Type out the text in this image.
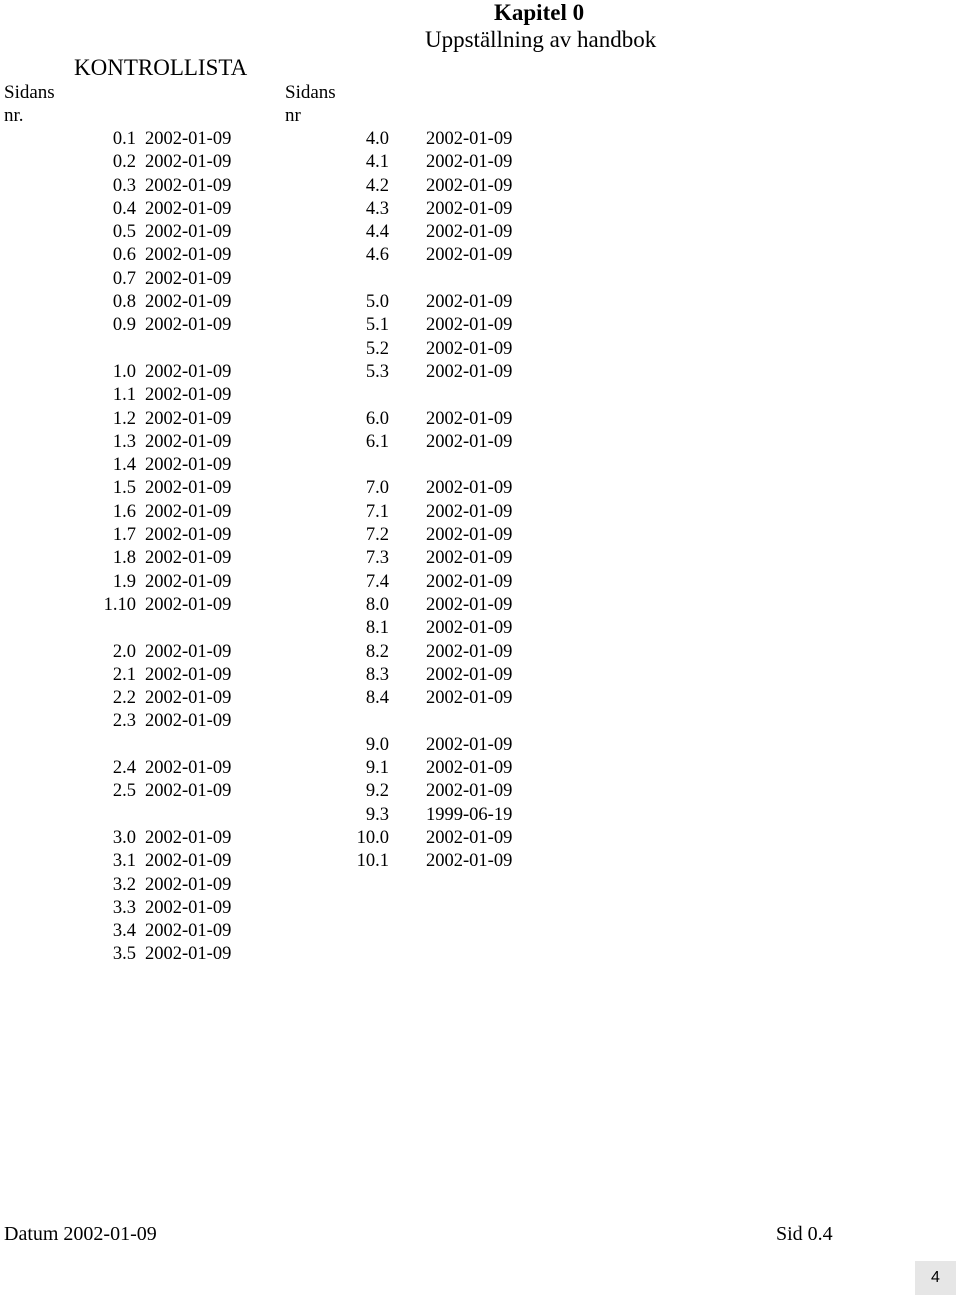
Kapitel 0
Uppställning av handbok
KONTROLLISTA
Sidans
nr.
Sidans
nr
0.1 2002-01-09
0.2 2002-01-09
0.3 2002-01-09
0.4 2002-01-09
0.5 2002-01-09
0.6 2002-01-09
0.7 2002-01-09
0.8 2002-01-09
0.9 2002-01-09
1.0 2002-01-09
1.1 2002-01-09
1.2 2002-01-09
1.3 2002-01-09
1.4 2002-01-09
1.5 2002-01-09
1.6 2002-01-09
1.7 2002-01-09
1.8 2002-01-09
1.9 2002-01-09
1.10 2002-01-09
2.0 2002-01-09
2.1 2002-01-09
2.2 2002-01-09
2.3 2002-01-09
2.4 2002-01-09
2.5 2002-01-09
3.0 2002-01-09
3.1 2002-01-09
3.2 2002-01-09
3.3 2002-01-09
3.4 2002-01-09
3.5 2002-01-09
4.0 2002-01-09
4.1 2002-01-09
4.2 2002-01-09
4.3 2002-01-09
4.4 2002-01-09
4.6 2002-01-09
5.0 2002-01-09
5.1 2002-01-09
5.2 2002-01-09
5.3 2002-01-09
6.0 2002-01-09
6.1 2002-01-09
7.0 2002-01-09
7.1 2002-01-09
7.2 2002-01-09
7.3 2002-01-09
7.4 2002-01-09
8.0 2002-01-09
8.1 2002-01-09
8.2 2002-01-09
8.3 2002-01-09
8.4 2002-01-09
9.0 2002-01-09
9.1 2002-01-09
9.2 2002-01-09
9.3 1999-06-19
10.0 2002-01-09
10.1 2002-01-09
Datum 2002-01-09	Sid 0.4
4
